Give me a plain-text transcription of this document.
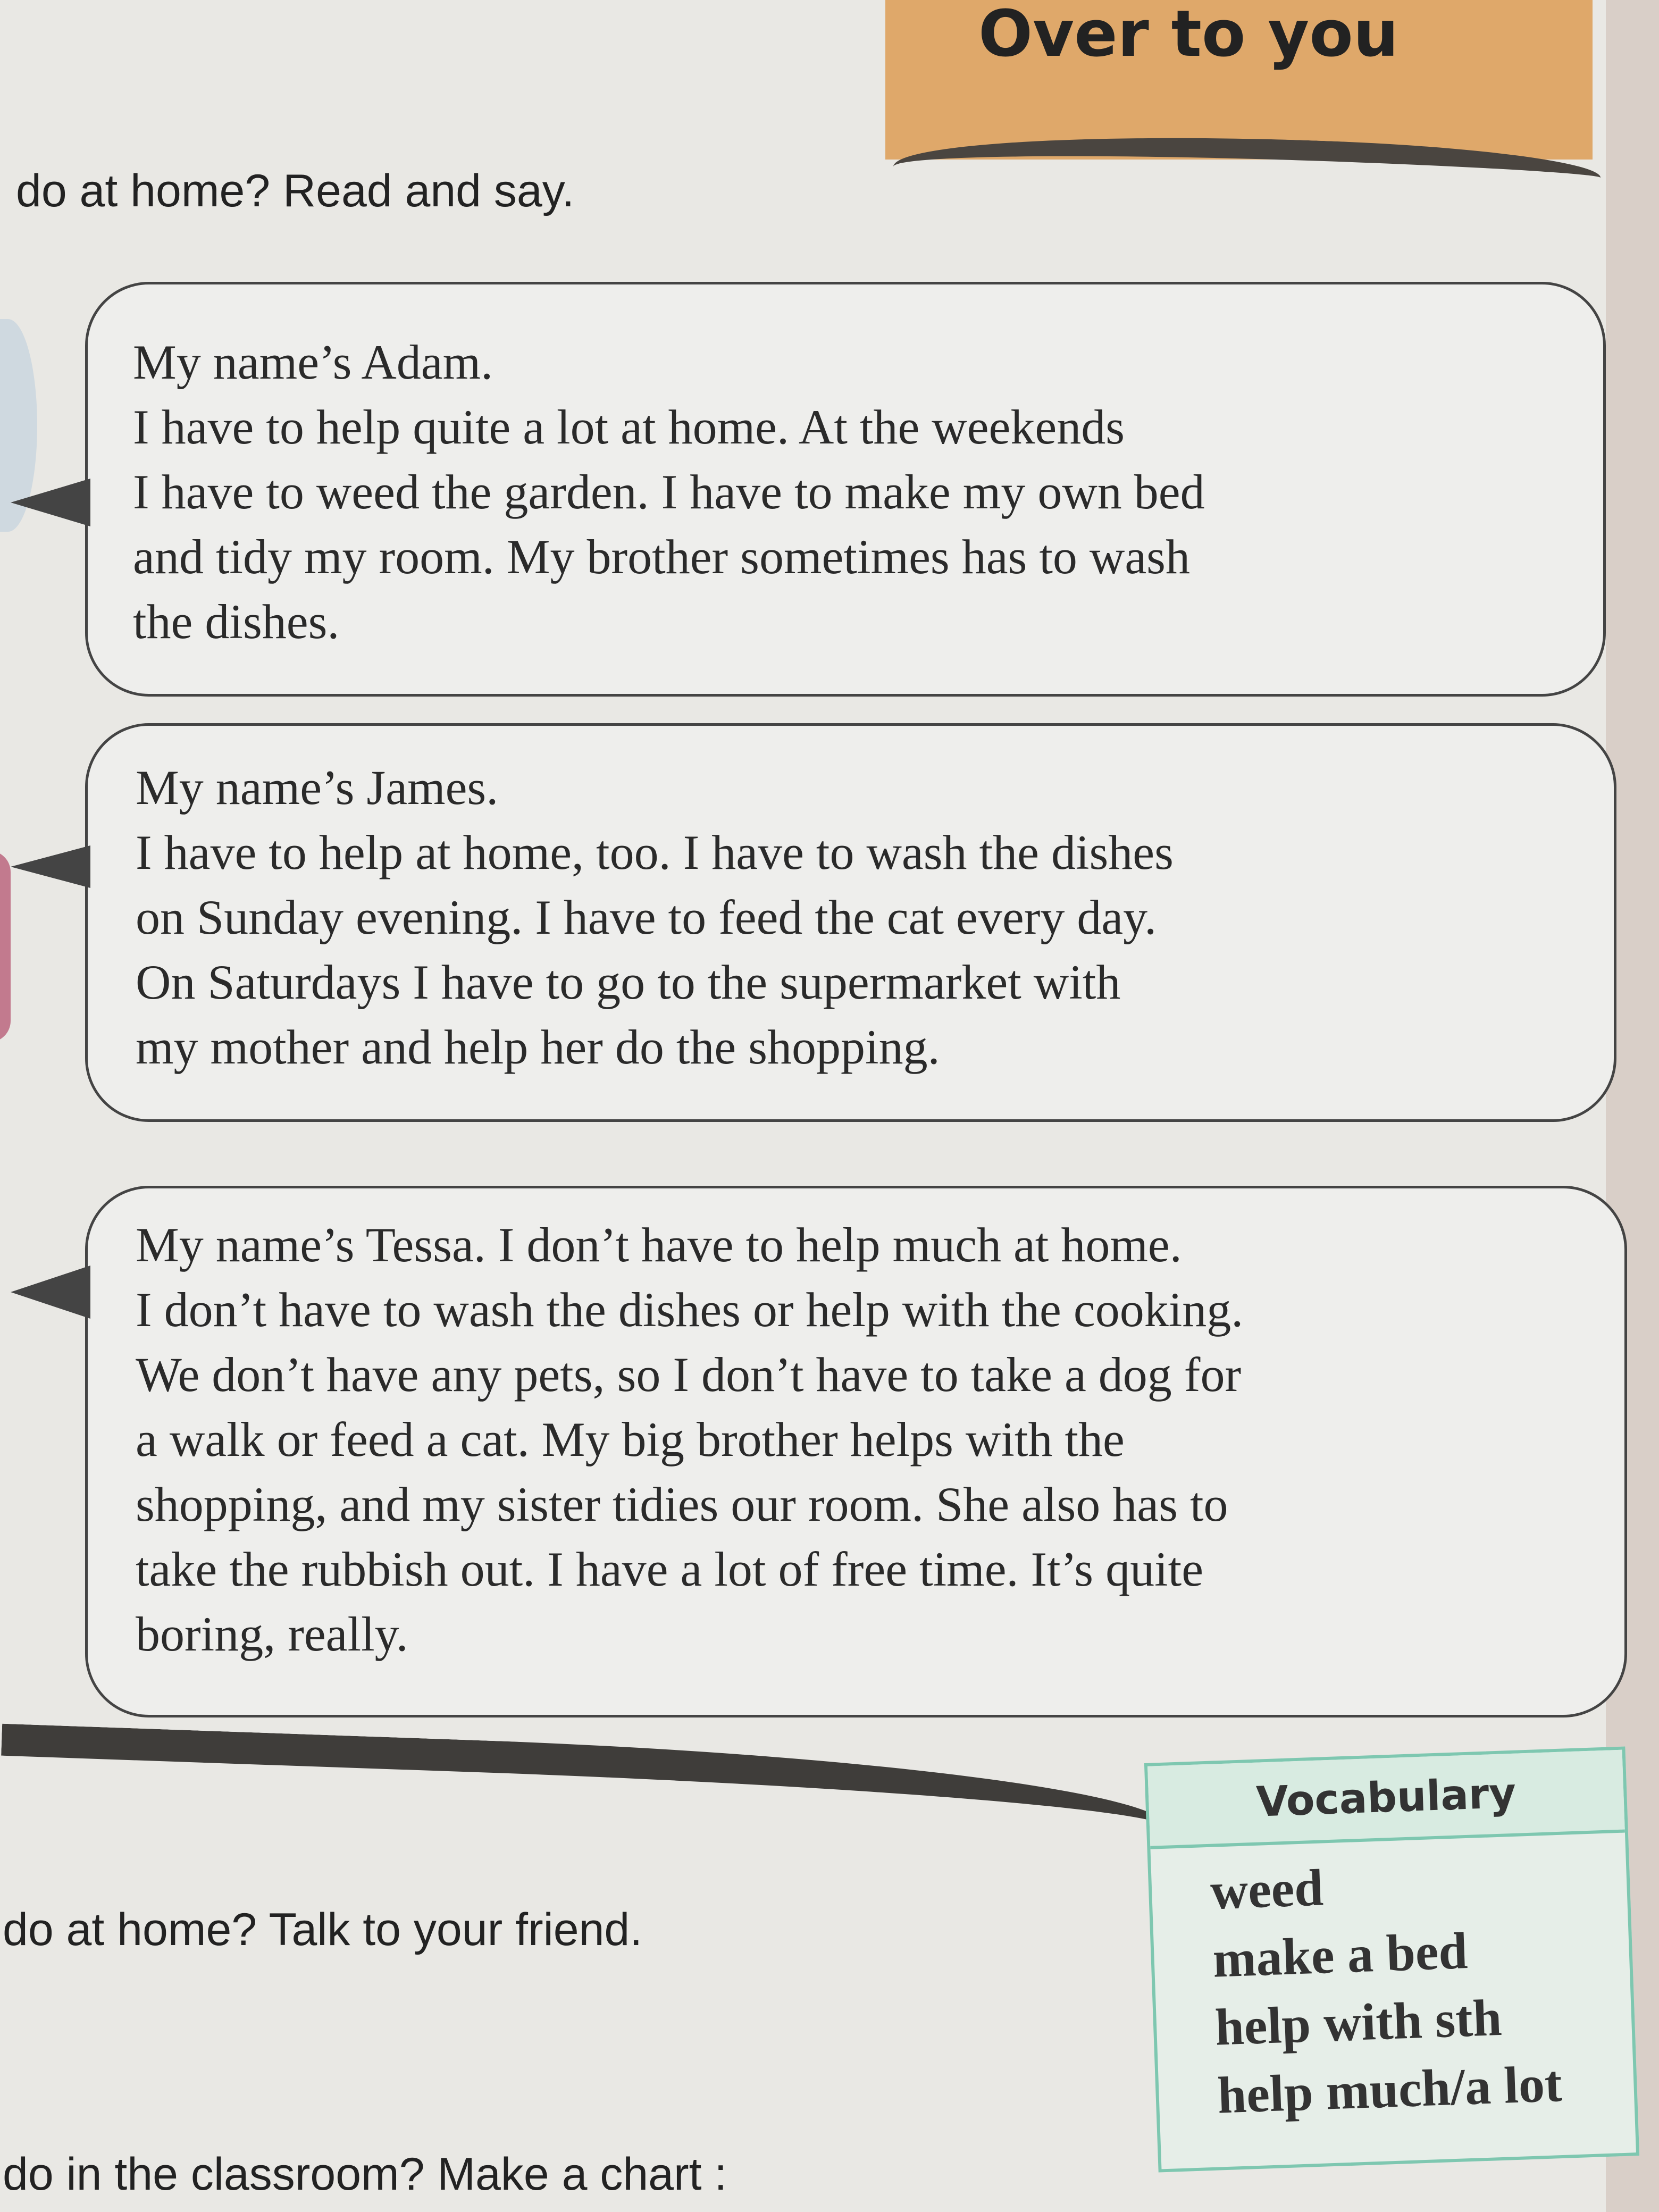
Over to you
do at home? Read and say.

My name’s Adam.
I have to help quite a lot at home. At the weekends
I have to weed the garden. I have to make my own bed
and tidy my room. My brother sometimes has to wash
the dishes.

My name’s James.
I have to help at home, too. I have to wash the dishes
on Sunday evening. I have to feed the cat every day.
On Saturdays I have to go to the supermarket with
my mother and help her do the shopping.

My name’s Tessa. I don’t have to help much at home.
I don’t have to wash the dishes or help with the cooking.
We don’t have any pets, so I don’t have to take a dog for
a walk or feed a cat. My big brother helps with the
shopping, and my sister tidies our room. She also has to
take the rubbish out. I have a lot of free time. It’s quite
boring, really.

do at home? Talk to your friend.
do in the classroom? Make a chart :
Vocabulary
weed
make a bed
help with sth
help much/a lot
